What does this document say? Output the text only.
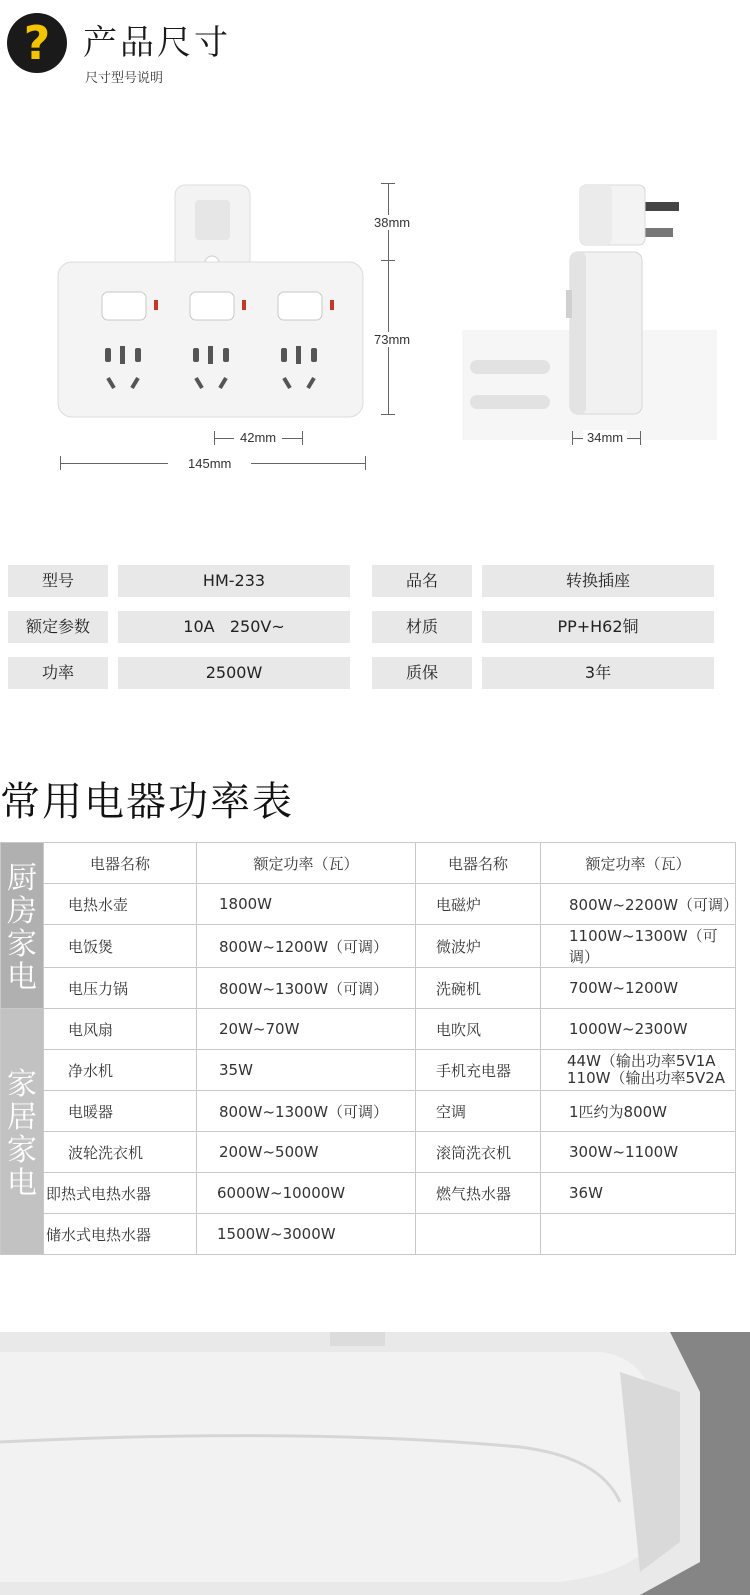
? 产品尺寸
尺寸型号说明
38mm
73mm
42mm
145mm
34mm
型号	HM-233	品名	转换插座
额定参数	10A   250V~	材质	PP+H62铜
功率	2500W	质保	3年
常用电器功率表
厨
房
家
电	电器名称	额定功率（瓦）	电器名称	额定功率（瓦）
	电热水壶	1800W	电磁炉	800W~2200W（可调）
	电饭煲	800W~1200W（可调）	微波炉	1100W~1300W（可调）
	电压力锅	800W~1300W（可调）	洗碗机	700W~1200W

家
居
家
电	电风扇	20W~70W	电吹风	1000W~2300W
	净水机	35W	手机充电器	44W（输出功率5V1A
110W（输出功率5V2A

	电暖器	800W~1300W（可调）	空调	1匹约为800W
	波轮洗衣机	200W~500W	滚筒洗衣机	300W~1100W
	即热式电热水器	6000W~10000W	燃气热水器	36W
	储水式电热水器	1500W~3000W		
